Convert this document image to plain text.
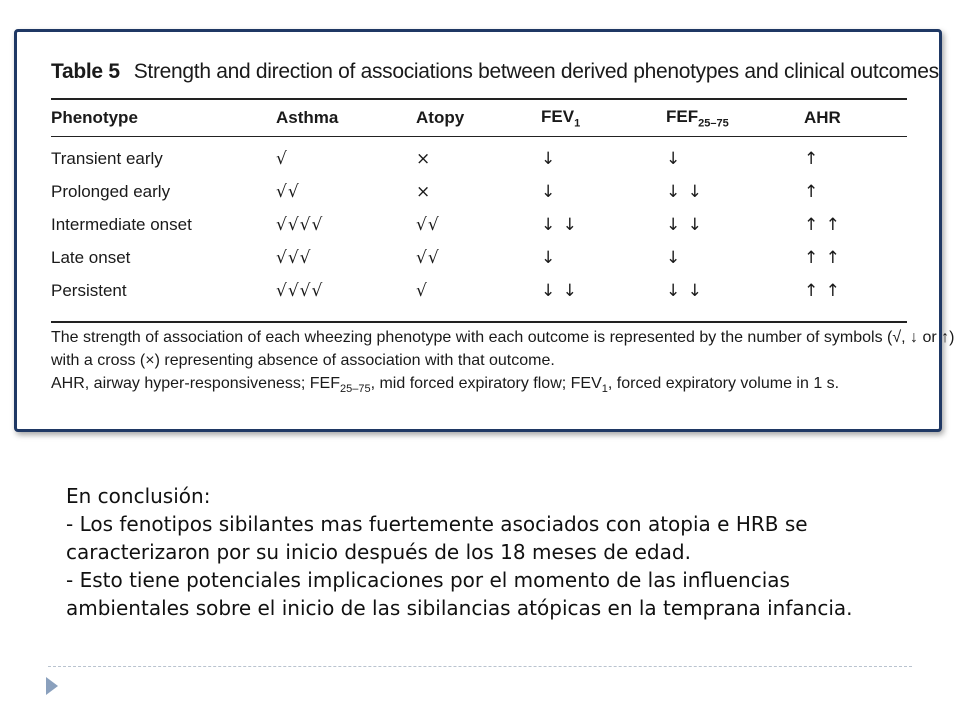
Table 5 Strength and direction of associations between derived phenotypes and clinical outcomes
Phenotype	Asthma	Atopy	$FEV_1$	$FEF_{25-75}$	AHR
Transient early	√	×	↓	↓	↑
Prolonged early	√√	×	↓	↓ ↓	↑
Intermediate onset	√√√√	√√	↓ ↓	↓ ↓	↑ ↑
Late onset	√√√	√√	↓	↓	↑ ↑
Persistent	√√√√	√	↓ ↓	↓ ↓	↑ ↑
The strength of association of each wheezing phenotype with each outcome is represented by the number of symbols (√, ↓ or ↑)
with a cross (×) representing absence of association with that outcome.
AHR, airway hyper-responsiveness; $FEF_{25-75}$, mid forced expiratory flow; $FEV_1$, forced expiratory volume in 1 s.
En conclusión:
- Los fenotipos sibilantes mas fuertemente asociados con atopia e HRB se
caracterizaron por su inicio después de los 18 meses de edad.
- Esto tiene potenciales implicaciones por el momento de las influencias
ambientales sobre el inicio de las sibilancias atópicas en la temprana infancia.
